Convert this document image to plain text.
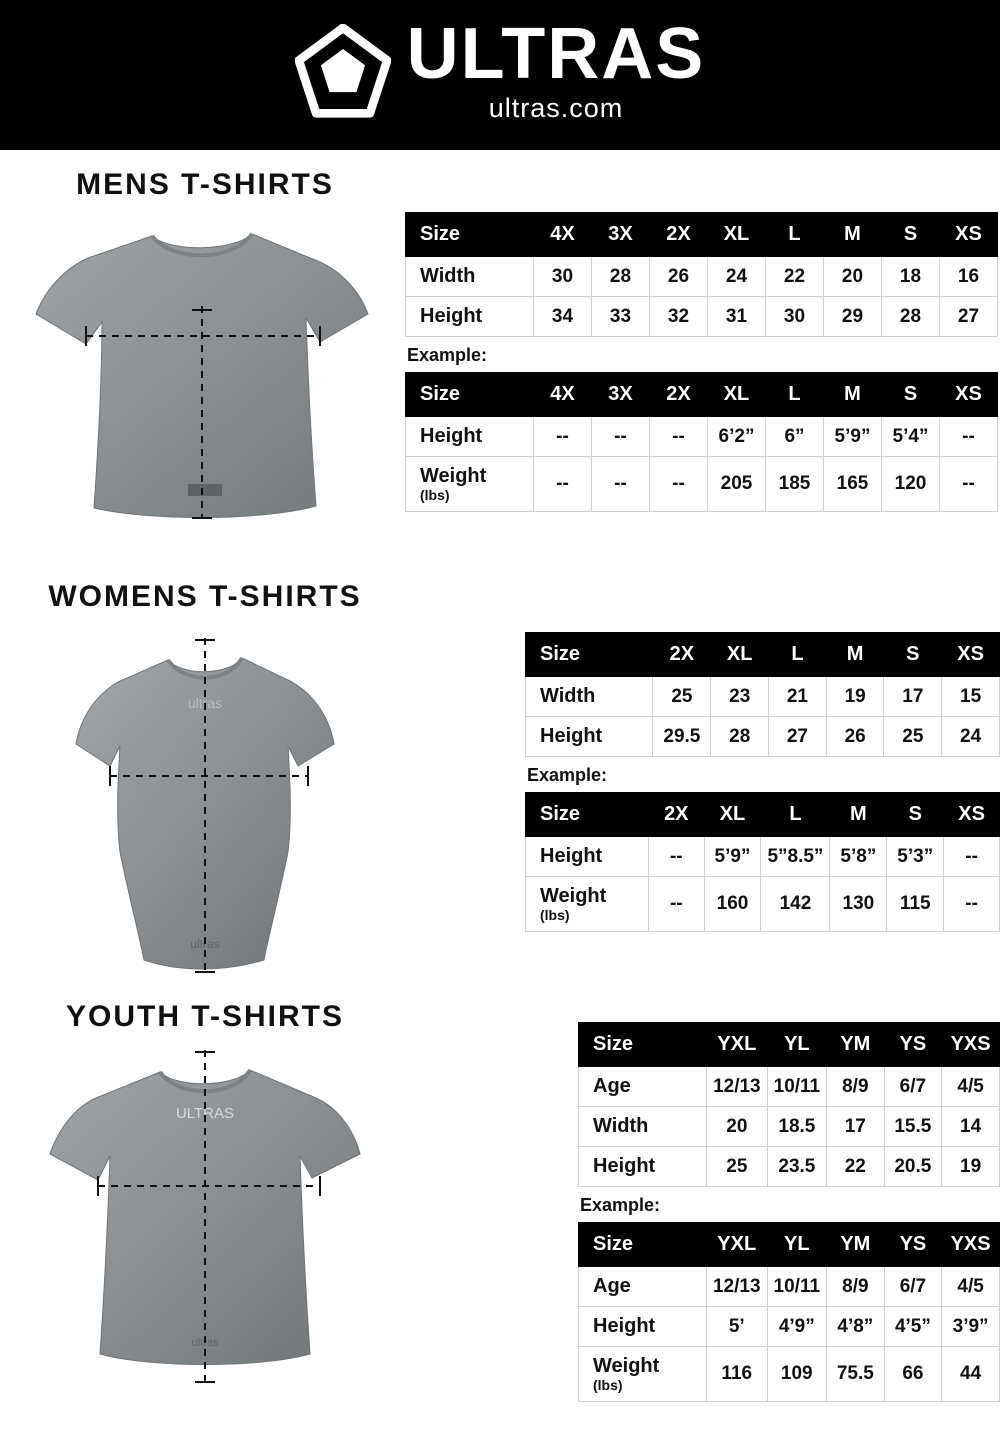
ULTRAS
ultras.com
MENS T-SHIRTS
Size	4X	3X	2X	XL	L	M	S	XS
Width	30	28	26	24	22	20	18	16
Height	34	33	32	31	30	29	28	27
Example:
Size	4X	3X	2X	XL	L	M	S	XS
Height	--	--	--	6’2”	6”	5’9”	5’4”	--
Weight
(lbs)	--	--	--	205	185	165	120	--
WOMENS T-SHIRTS
ultras
ultras
Size	2X	XL	L	M	S	XS
Width	25	23	21	19	17	15
Height	29.5	28	27	26	25	24
Example:
Size	2X	XL	L	M	S	XS
Height	--	5’9”	5”8.5”	5’8”	5’3”	--
Weight
(lbs)	--	160	142	130	115	--
YOUTH T-SHIRTS
ULTRAS
ultras
Size	YXL	YL	YM	YS	YXS
Age	12/13	10/11	8/9	6/7	4/5
Width	20	18.5	17	15.5	14
Height	25	23.5	22	20.5	19
Example:
Size	YXL	YL	YM	YS	YXS
Age	12/13	10/11	8/9	6/7	4/5
Height	5’	4’9”	4’8”	4’5”	3’9”
Weight
(lbs)	116	109	75.5	66	44
